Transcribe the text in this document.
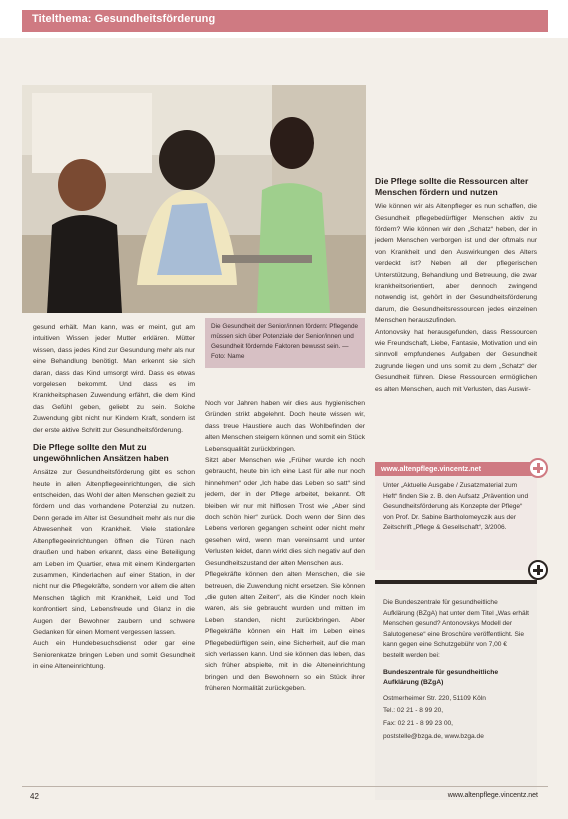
Titelthema: Gesundheitsförderung
Die Gesundheit der Senior/innen fördern: Pflegende müssen sich über Potenziale der Senior/innen und Gesundheit fördernde Faktoren bewusst sein. — Foto: Name

gesund erhält. Man kann, was er meint, gut am intuitiven Wissen jeder Mutter erklären. Mütter wissen, dass jedes Kind zur Gesundung mehr als nur eine Behandlung benötigt. Man erkennt sie sich daran, dass das Kind umsorgt wird. Dass es etwas vorgelesen bekommt. Und dass es im Krankheitsphasen Zuwendung erfährt, die dem Kind das Gefühl geben, geliebt zu sein. Solche Zuwendung gibt nicht nur Kindern Kraft, sondern ist der erste aktive Schritt zur Gesundheitsförderung.

Die Pflege sollte den Mut zu ungewöhnlichen Ansätzen haben

Ansätze zur Gesundheitsförderung gibt es schon heute in allen Altenpflegeeinrichtungen, die sich entscheiden, das Wohl der alten Menschen gezielt zu fördern und das vorhandene Potenzial zu nutzen. Denn gerade im Alter ist Gesundheit mehr als nur die Abwesenheit von Krankheit. Viele stationäre Altenpflegeeinrichtungen öffnen die Türen nach draußen und haben erkannt, dass eine Beteiligung am Leben im Quartier, etwa mit einem Kindergarten zusammen, Kinderlachen auf einer Station, in der nicht nur die Pflegekräfte, sondern vor allem die alten Menschen täglich mit Krankheit, Leid und Tod konfrontiert sind, Lebensfreude und Glanz in die Augen der Bewohner zaubern und schwere Gedanken für einen Moment vergessen lassen.

Auch ein Hundebesuchsdienst oder gar eine Seniorenkatze bringen Leben und somit Gesundheit in eine Alteneinrichtung.

Noch vor Jahren haben wir dies aus hygienischen Gründen strikt abgelehnt. Doch heute wissen wir, dass treue Haustiere auch das Wohlbefinden der alten Menschen steigern können und somit ein Stück Lebensqualität zurückbringen.

Sitzt aber Menschen wie „Früher wurde ich noch gebraucht, heute bin ich eine Last für alle nur noch hinnehmen“ oder „Ich habe das Leben so satt“ sind jedem, der in der Pflege arbeitet, bekannt. Oft bleiben wir nur mit hilflosen Trost wie „Aber sind doch schön hier“ zurück. Doch wenn der Sinn des Lebens verloren gegangen scheint oder nicht mehr gesehen wird, wenn man vereinsamt und unter Verlusten leidet, dann wirkt dies sich negativ auf den Gesundheitszustand der alten Menschen aus.

Pflegekräfte können den alten Menschen, die sie betreuen, die Zuwendung nicht ersetzen. Sie können „die guten alten Zeiten“, als die Kinder noch klein waren, als sie gebraucht wurden und mitten im Leben standen, nicht zurückbringen. Aber Pflegekräfte können ein Halt im Leben eines Pflegebedürftigen sein, eine Sicherheit, auf die man sich verlassen kann. Und sie können das leben, das sich früher abspielte, mit in die Alteneinrichtung bringen und den Bewohnern so ein Stück ihrer früheren Normalität zurückgeben.

Die Pflege sollte die Ressourcen alter Menschen fördern und nutzen

Wie können wir als Altenpfleger es nun schaffen, die Gesundheit pflegebedürftiger Menschen aktiv zu fördern? Wie können wir den „Schatz“ heben, der in jedem Menschen verborgen ist und der oftmals nur von Krankheit und den Auswirkungen des Alters verdeckt ist? Neben all der pflegerischen Unterstützung, Behandlung und Betreuung, die zwar krankheitsorientiert, aber dennoch zwingend notwendig ist, gehört in der Gesundheitsförderung darum, die Gesundheitsressourcen jedes einzelnen Menschen herauszufinden.

Antonovsky hat herausgefunden, dass Ressourcen wie Freundschaft, Liebe, Fantasie, Motivation und ein sinnvoll empfundenes Aufgaben der Gesundheit zugrunde liegen und uns somit zu dem „Schatz“ der Gesundheit führen. Diese Ressourcen ermöglichen es alten Menschen, auch mit Verlusten, das Auswir-

www.altenpflege.vincentz.net
Unter „Aktuelle Ausgabe / Zusatzmaterial zum Heft“ finden Sie z. B. den Aufsatz „Prävention und Gesundheitsförderung als Konzepte der Pflege“ von Prof. Dr. Sabine Bartholomeyczik aus der Zeitschrift „Pflege & Gesellschaft“, 3/2006.
Die Bundeszentrale für gesundheitliche Aufklärung (BZgA) hat unter dem Titel „Was erhält Menschen gesund? Antonovskys Modell der Salutogenese“ eine Broschüre veröffentlicht. Sie kann gegen eine Schutzgebühr von 7,00 € bestellt werden bei:
Bundeszentrale für gesundheitliche Aufklärung (BZgA)
Ostmerheimer Str. 220, 51109 Köln
Tel.: 02 21 - 8 99 20,
Fax: 02 21 - 8 99 23 00,
poststelle@bzga.de, www.bzga.de
42	www.altenpflege.vincentz.net
